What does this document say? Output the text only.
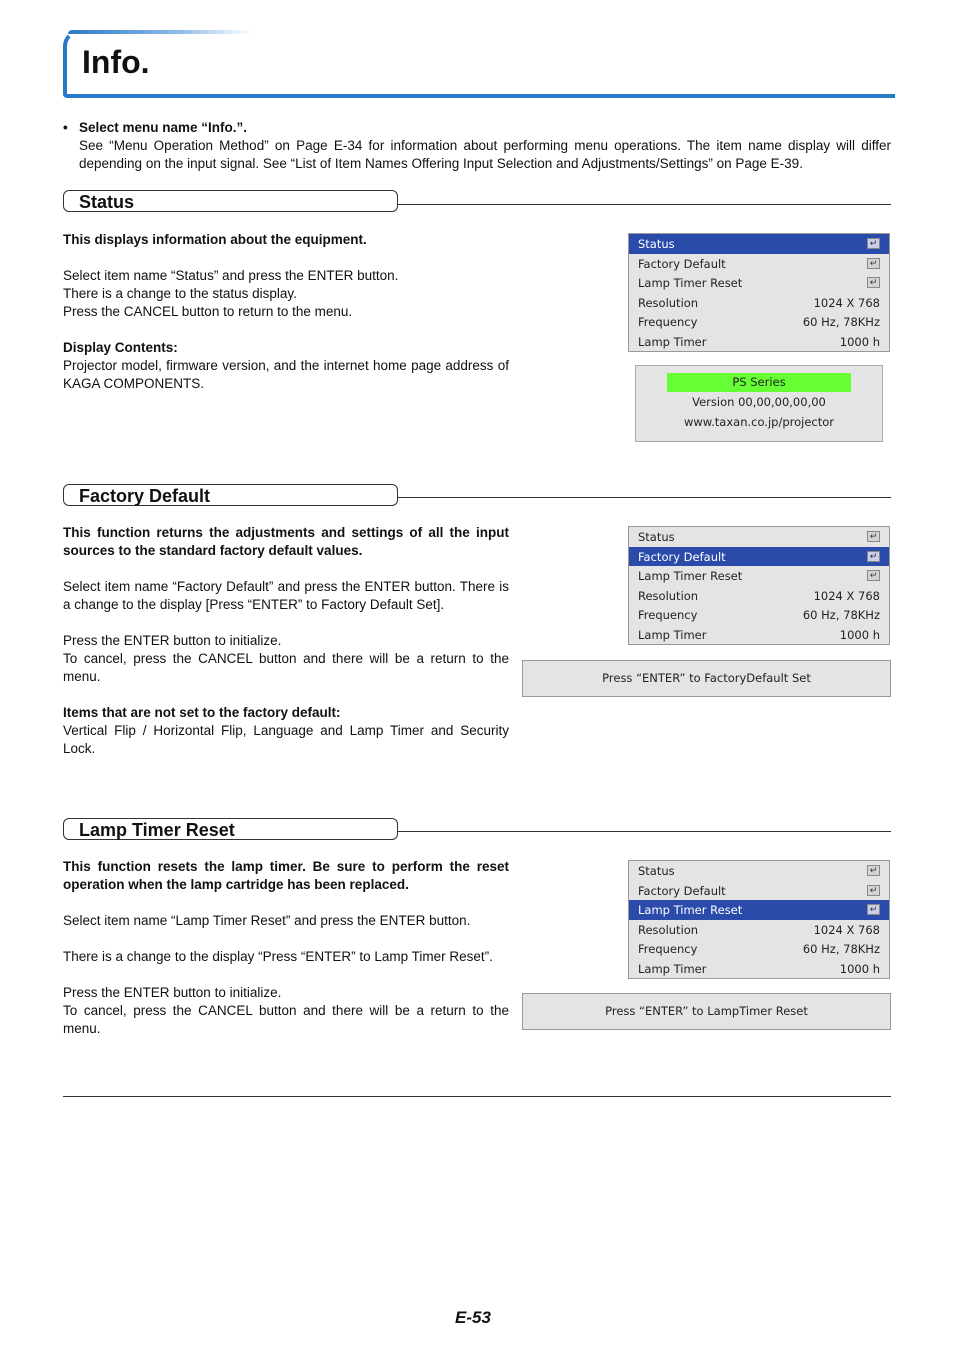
Info.
• Select menu name “Info.”.
See “Menu Operation Method” on Page E-34 for information about performing menu operations. The item name display will differ depending on the input signal. See “List of Item Names Offering Input Selection and Adjustments/Settings” on Page E-39.
Status

This displays information about the equipment.

Select item name “Status” and press the ENTER button.

There is a change to the status display.

Press the CANCEL button to return to the menu.

Display Contents:

Projector model, firmware version, and the internet home page address of KAGA COMPONENTS.

Status	↵
Factory Default	↵
Lamp Timer Reset	↵
Resolution	1024 X 768
Frequency	60 Hz, 78KHz
Lamp Timer	1000 h
PS Series
Version 00,00,00,00,00
www.taxan.co.jp/projector
Factory Default

This function returns the adjustments and settings of all the input sources to the standard factory default values.

Select item name “Factory Default” and press the ENTER button. There is a change to the display [Press “ENTER” to Factory Default Set].

Press the ENTER button to initialize.

To cancel, press the CANCEL button and there will be a return to the menu.

Items that are not set to the factory default:

Vertical Flip / Horizontal Flip, Language and Lamp Timer and Security Lock.

Status	↵
Factory Default	↵
Lamp Timer Reset	↵
Resolution	1024 X 768
Frequency	60 Hz, 78KHz
Lamp Timer	1000 h
Press “ENTER” to FactoryDefault Set
Lamp Timer Reset

This function resets the lamp timer. Be sure to perform the reset operation when the lamp cartridge has been replaced.

Select item name “Lamp Timer Reset” and press the ENTER button.

There is a change to the display “Press “ENTER” to Lamp Timer Reset”.

Press the ENTER button to initialize.

To cancel, press the CANCEL button and there will be a return to the menu.

Status	↵
Factory Default	↵
Lamp Timer Reset	↵
Resolution	1024 X 768
Frequency	60 Hz, 78KHz
Lamp Timer	1000 h
Press “ENTER” to LampTimer Reset
E-53
